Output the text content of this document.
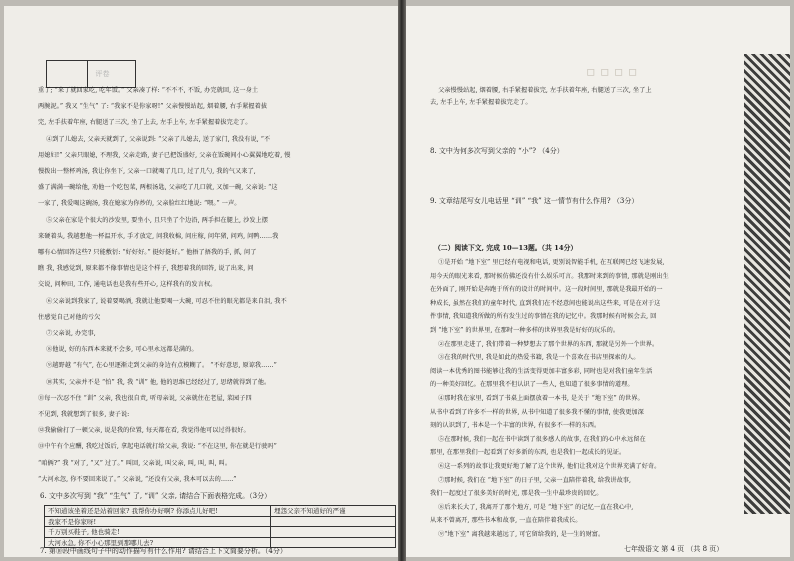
评卷
重了; “来了就回家吃, 吃年饭。” 父亲凑了样: “不不不, 不饭, 办完就回, 这一身土
两腕泥。” 我又 “生气” 了: “我家不是你家呀!” 父亲慢慢站起, 烟着腰, 右手紧握着拔
完, 左手扶着年座, 右腿送了三次, 坐了上去, 左手上车, 左手紧握着拔完走了。
④到了儿媳去, 父亲天就到了, 父亲说到: “父亲了儿媳去, 送了家门, 我没有说, “不
用媳妇!” 父亲只眼媳, 不理我, 父亲走路, 妻子已把饭盛好, 父亲在饭碗间小心翼翼地吃着, 慢
慢拨出一整杯鸡汤, 我让你坐下, 父亲一口就喝了几口, 过了几勺, 我的气又来了,
盛了满满一碗给他, 劝他一个吃包菜, 两根汤匙, 父亲吃了几口就, 又加一碗, 父亲说: “这
一家了, 我爱喝这碗汤, 我在媳家为你炒的, 父亲脸红红地说: “喂。” 一声。
⑤父亲在家是个很大的沙发里, 要坐小, 且只坐了个边沿, 两手担在腿上, 沙发上摆
来硬着头, 我越想他一杯温开水, 手才放定, 问我收棉, 问庄稼, 问年猪, 问鸡, 问鸭……我
哪有心情回答这些? 只能敷衍: “好好好。” 挺好挺好。” 他捂了捂我的手, 抓, 问了
瞧 我, 我感觉到, 原来都不像事情也是这个样子, 我想着我的回答, 说了出来, 问
交说, 问种田, 工作, 通电话也是我有些开心, 这样我有的发言权。
⑥父亲说到我家了, 说着要喝酒, 我就让他要喝一大碗, 可忍不住的眼光都是来自泪, 我不
住感觉自己对他的亏欠
⑦父亲说, 办完事,
⑧他说, 好的东西本来就不会多, 可心里永远都是满的。
⑨越野越 “有气”, 在心里逐渐走到父亲的身边有点模糊了。 “不好意思, 原谅我……”
⑩其实, 父亲并不是 “怕” 我, 我 “训” 他, 他的思维已经经过了, 思绪就得到了他。
⑪每一次忍不住 “训” 父亲, 我也很自责, 听母亲说, 父亲就住在老屋, 菜园子四
不见到, 我就想到了很多, 妻子说:
⑫我偷偷打了一顿父亲, 说是我的位置, 每天都在看, 我觉得他可以过得很好。
⑬中午有个应酬, 我吃过饭后, 拿起电话就打给父亲, 我说: “不在这里, 你在就是行驶吗”
“咱俩?” 我 “对了, “又” 过了。” 叫回, 父亲说, 叫父亲, 叫, 叫, 叫, 叫。
“大河永忽, 你不要回来说了。” 父亲说, “还没有父亲, 我本可以去的……”
6. 文中多次写到 “我” “生气” 了, “训” 父亲, 请结合下面表格完成。（3分）
不知道该坐着还是站着回家? 我帮你办好啊? 你添点儿好吧!	埋怨父亲不知道好的严谨
我家不是你家呀!	
千万别买鞋子, 他也骑走!	
大河永急, 你不小心那里到那哪儿去?	
7. 第⑩段中画线句子中的动作描写有什么作用? 请结合上下文简要分析。（4分）
父亲慢慢站起, 烟着腰, 右手紧握着拔完, 左手扶着年座, 右腿送了三次, 坐了上
去, 左手上车, 左手紧握着拔完走了。
▫ ▫ ▫ ▫
8. 文中为何多次写到父亲的 “小”? （4分）
9. 文章结尾写女儿电话里 “训” “我” 这一情节有什么作用? （3分）
（二）阅读下文, 完成 10—13题。（共 14分）
①是开始 “地下室” 里已经有电视和电话, 更别说智能手机, 在互联网已经飞速发展,
用今天的眼光来看, 那时候仿佛还没有什么娱乐可言。我那时来到的事情, 那就是刚出生
在外面了, 刚开始是奔跑于所有的设计的时间中。这一段时间里, 那就是我最开始的一
种成长, 虽然在我们的童年时代, 直到我们在不经意间也能说出这些来, 可是在对于这
件事情, 我知道我所做的所有发生过的事情在我的记忆中。我那时候有时候会去, 回
到 “地下室” 的世界里, 在那时一种多样的世界里我是好好的玩乐的。
②在那里走进了, 我们带着一种梦想去了那个世界的东西, 那就是另外一个世界。
③在我的时代里, 我是如此的热爱书籍, 我是一个喜欢在书店里探索的人。
阅读一本优秀的图书能够让我的生活变得更加丰富多彩, 同时也是对我们童年生活
的一种美好回忆。在那里我不但认识了一些人, 也知道了很多事情的道理。
④那时我在家里, 看到了书桌上面摆放着一本书, 是关于 “地下室” 的世界。
从书中看到了许多不一样的世界, 从书中知道了很多我不懂的事情, 使我更加深
刻的认识到了, 书本是一个丰富的世界, 有很多不一样的东西。
⑤在那时候, 我们一起在书中读到了很多感人的故事, 在我们的心中永远留在
那里, 在那里我们一起看到了好多新的东西, 也是我们一起成长的见证。
⑥这一系列的故事让我更好地了解了这个世界, 他们让我对这个世界充满了好奇。
⑦那时候, 我们在 “地下室” 的日子里, 父亲一直陪伴着我, 给我讲故事,
我们一起度过了很多美好的时光, 那是我一生中最珍贵的回忆。
⑧后来长大了, 我离开了那个地方, 可是 “地下室” 的记忆一直在我心中,
从来不曾离开, 那些书本和故事, 一直在陪伴着我成长。
⑨“地下室” 离我越来越远了, 可它留给我的, 是一生的财富。
七年级语文 第 4 页 （共 8 页）
